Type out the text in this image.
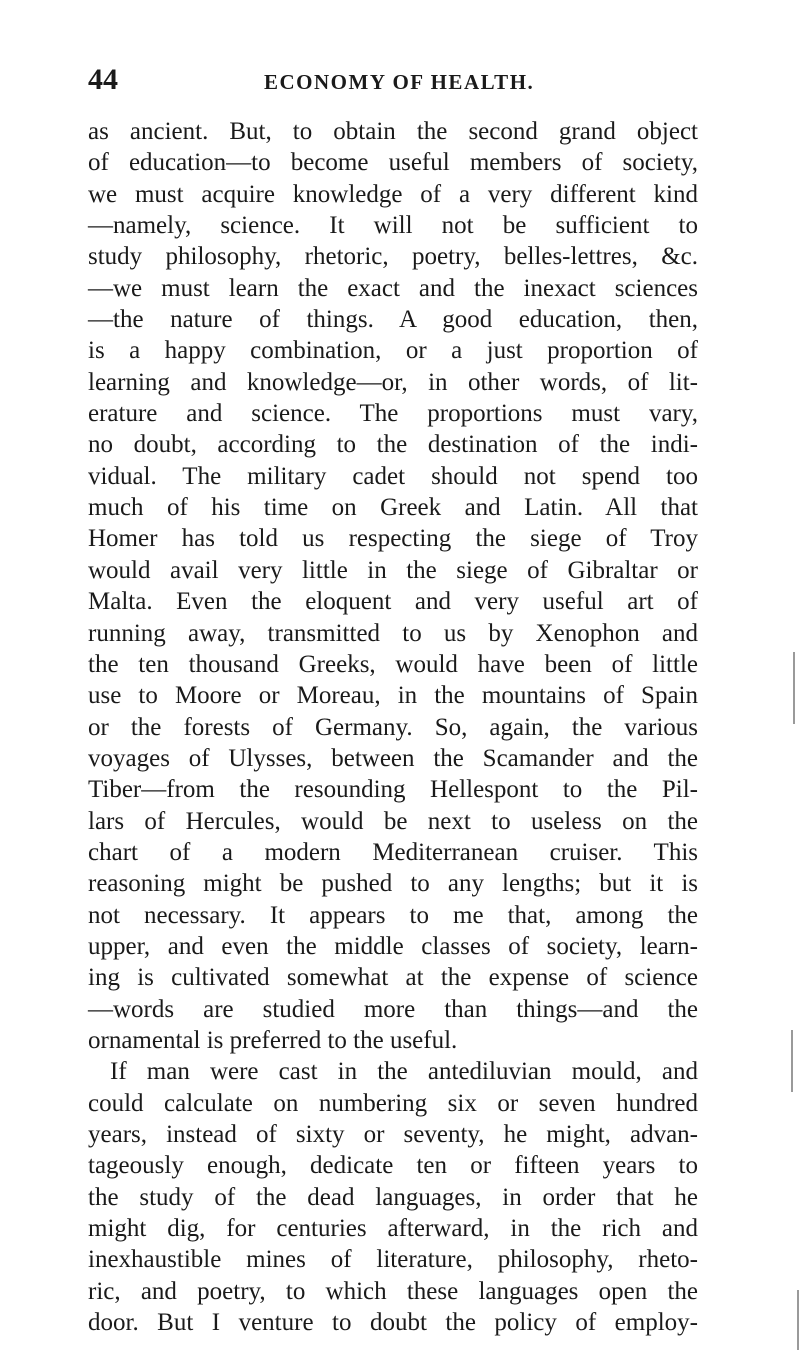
44	ECONOMY OF HEALTH.
as ancient. But, to obtain the second grand object
of education—to become useful members of society,
we must acquire knowledge of a very different kind
—namely, science. It will not be sufficient to
study philosophy, rhetoric, poetry, belles-lettres, &c.
—we must learn the exact and the inexact sciences
—the nature of things. A good education, then,
is a happy combination, or a just proportion of
learning and knowledge—or, in other words, of lit-
erature and science. The proportions must vary,
no doubt, according to the destination of the indi-
vidual. The military cadet should not spend too
much of his time on Greek and Latin. All that
Homer has told us respecting the siege of Troy
would avail very little in the siege of Gibraltar or
Malta. Even the eloquent and very useful art of
running away, transmitted to us by Xenophon and
the ten thousand Greeks, would have been of little
use to Moore or Moreau, in the mountains of Spain
or the forests of Germany. So, again, the various
voyages of Ulysses, between the Scamander and the
Tiber—from the resounding Hellespont to the Pil-
lars of Hercules, would be next to useless on the
chart of a modern Mediterranean cruiser. This
reasoning might be pushed to any lengths; but it is
not necessary. It appears to me that, among the
upper, and even the middle classes of society, learn-
ing is cultivated somewhat at the expense of science
—words are studied more than things—and the
ornamental is preferred to the useful.
If man were cast in the antediluvian mould, and
could calculate on numbering six or seven hundred
years, instead of sixty or seventy, he might, advan-
tageously enough, dedicate ten or fifteen years to
the study of the dead languages, in order that he
might dig, for centuries afterward, in the rich and
inexhaustible mines of literature, philosophy, rheto-
ric, and poetry, to which these languages open the
door. But I venture to doubt the policy of employ-
